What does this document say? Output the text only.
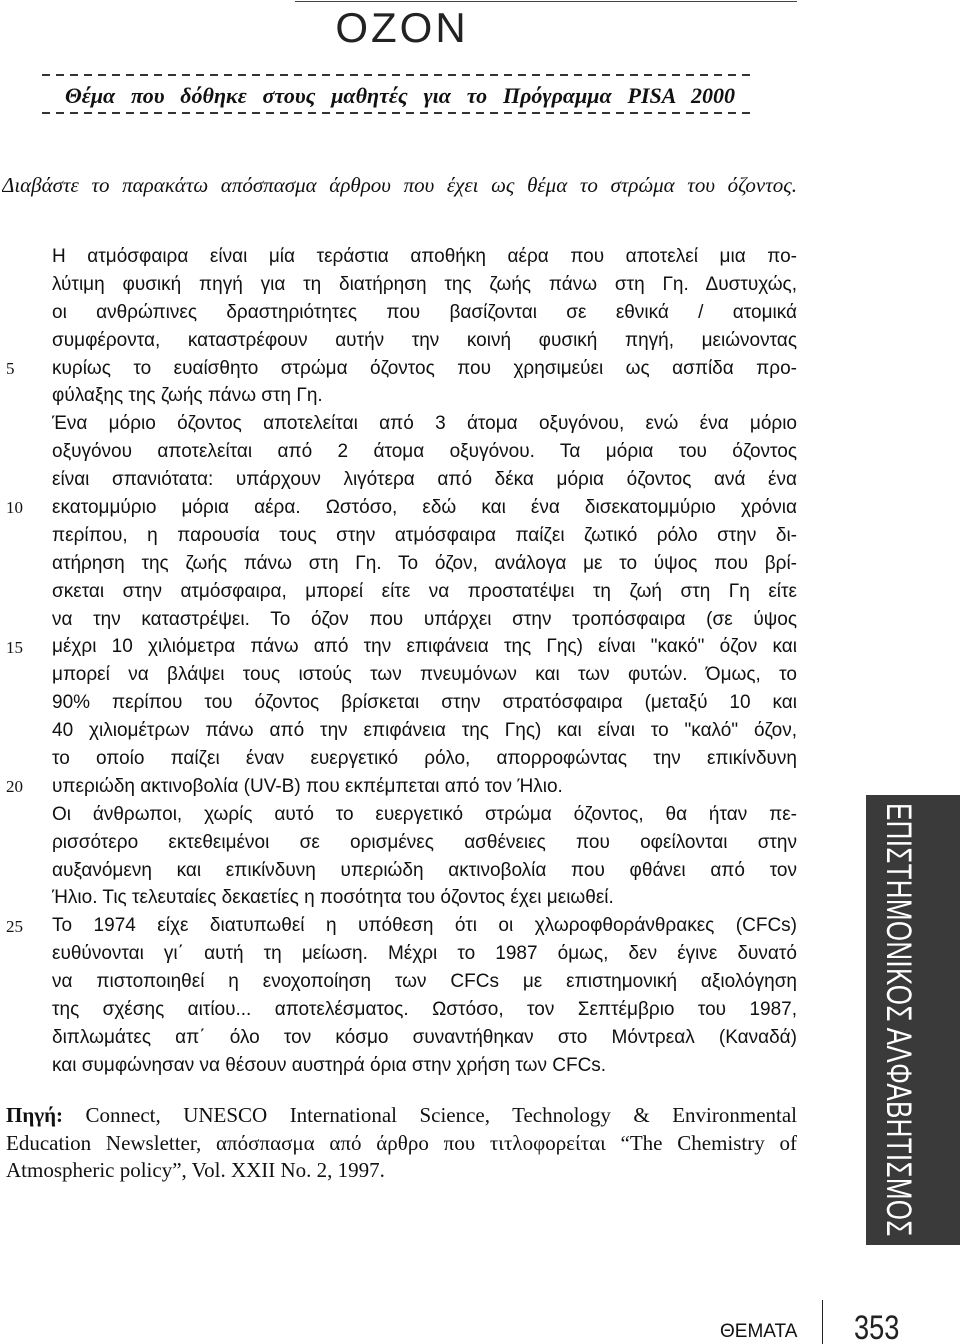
OZON
Θέμα που δόθηκε στους μαθητές για το Πρόγραμμα PISA 2000
Διαβάστε το παρακάτω απόσπασμα άρθρου που έχει ως θέμα το στρώμα του όζοντος.
5
10
15
20
25
Η ατμόσφαιρα είναι μία τεράστια αποθήκη αέρα που αποτελεί μια πο-
λύτιμη φυσική πηγή για τη διατήρηση της ζωής πάνω στη Γη. Δυστυχώς,
οι ανθρώπινες δραστηριότητες που βασίζονται σε εθνικά / ατομικά
συμφέροντα, καταστρέφουν αυτήν την κοινή φυσική πηγή, μειώνοντας
κυρίως το ευαίσθητο στρώμα όζοντος που χρησιμεύει ως ασπίδα προ-
φύλαξης της ζωής πάνω στη Γη.
Ένα μόριο όζοντος αποτελείται από 3 άτομα οξυγόνου, ενώ ένα μόριο
οξυγόνου αποτελείται από 2 άτομα οξυγόνου. Τα μόρια του όζοντος
είναι σπανιότατα: υπάρχουν λιγότερα από δέκα μόρια όζοντος ανά ένα
εκατομμύριο μόρια αέρα. Ωστόσο, εδώ και ένα δισεκατομμύριο χρόνια
περίπου, η παρουσία τους στην ατμόσφαιρα παίζει ζωτικό ρόλο στην δι-
ατήρηση της ζωής πάνω στη Γη. Το όζον, ανάλογα με το ύψος που βρί-
σκεται στην ατμόσφαιρα, μπορεί είτε να προστατέψει τη ζωή στη Γη είτε
να την καταστρέψει. Το όζον που υπάρχει στην τροπόσφαιρα (σε ύψος
μέχρι 10 χιλιόμετρα πάνω από την επιφάνεια της Γης) είναι "κακό" όζον και
μπορεί να βλάψει τους ιστούς των πνευμόνων και των φυτών. Όμως, το
90% περίπου του όζοντος βρίσκεται στην στρατόσφαιρα (μεταξύ 10 και
40 χιλιομέτρων πάνω από την επιφάνεια της Γης) και είναι το "καλό" όζον,
το οποίο παίζει έναν ευεργετικό ρόλο, απορροφώντας την επικίνδυνη
υπεριώδη ακτινοβολία (UV-B) που εκπέμπεται από τον Ήλιο.
Οι άνθρωποι, χωρίς αυτό το ευεργετικό στρώμα όζοντος, θα ήταν πε-
ρισσότερο εκτεθειμένοι σε ορισμένες ασθένειες που οφείλονται στην
αυξανόμενη και επικίνδυνη υπεριώδη ακτινοβολία που φθάνει από τον
Ήλιο. Τις τελευταίες δεκαετίες η ποσότητα του όζοντος έχει μειωθεί.
Το 1974 είχε διατυπωθεί η υπόθεση ότι οι χλωροφθοράνθρακες (CFCs)
ευθύνονται γι΄ αυτή τη μείωση. Μέχρι το 1987 όμως, δεν έγινε δυνατό
να πιστοποιηθεί η ενοχοποίηση των CFCs με επιστημονική αξιολόγηση
της σχέσης αιτίου... αποτελέσματος. Ωστόσο, τον Σεπτέμβριο του 1987,
διπλωμάτες απ΄ όλο τον κόσμο συναντήθηκαν στο Μόντρεαλ (Καναδά)
και συμφώνησαν να θέσουν αυστηρά όρια στην χρήση των CFCs.
Πηγή: Connect, UNESCO International Science, Technology & Environmental
Education Newsletter, απόσπασμα από άρθρο που τιτλοφορείται “The Chemistry of
Atmospheric policy”, Vol. XXII No. 2, 1997.	ΕΠΙΣΤΗΜΟΝΙΚΟΣ ΑΛΦΑΒΗΤΙΣΜΟΣ
ΘΕΜΑΤΑ 353
